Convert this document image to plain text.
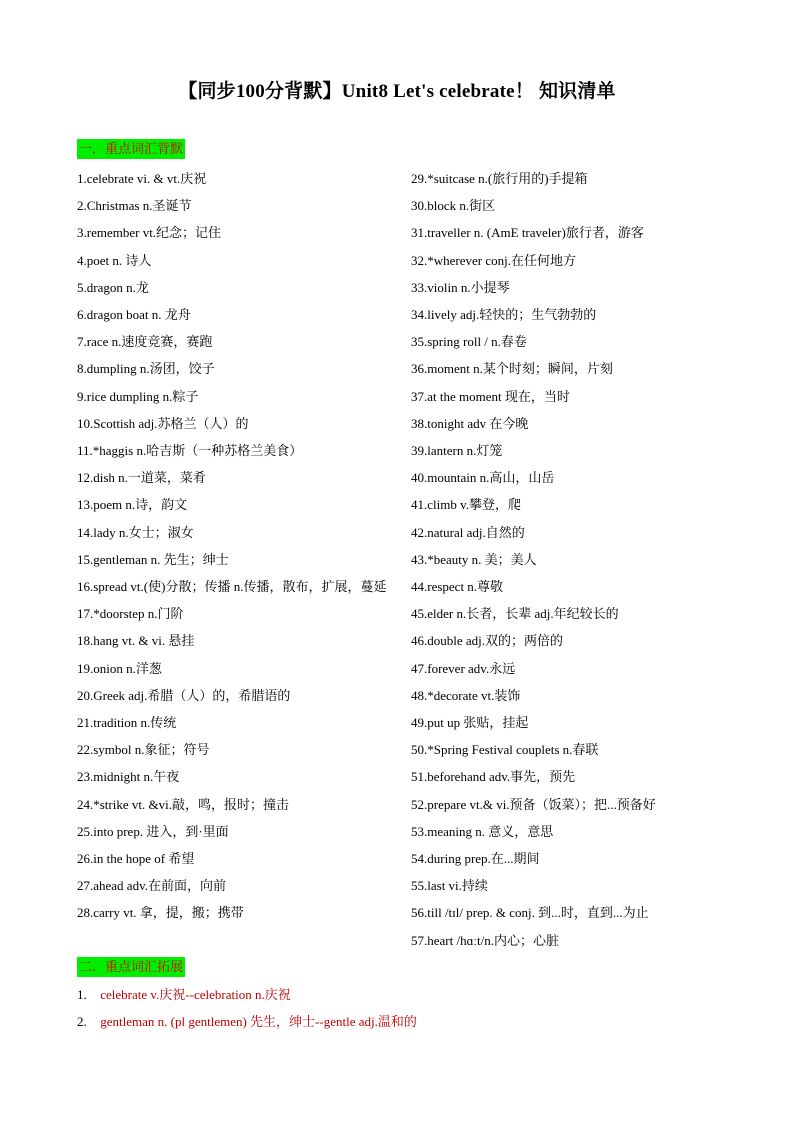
【同步100分背默】Unit8 Let's celebrate！ 知识清单
一．重点词汇背默
1.celebrate vi. & vt.庆祝
2.Christmas n.圣诞节
3.remember vt.纪念；记住
4.poet n. 诗人
5.dragon n.龙
6.dragon boat n. 龙舟
7.race n.速度竞赛，赛跑
8.dumpling n.汤团，饺子
9.rice dumpling n.粽子
10.Scottish adj.苏格兰（人）的
11.*haggis n.哈吉斯（一种苏格兰美食）
12.dish n.一道菜，菜肴
13.poem n.诗，韵文
14.lady n.女士；淑女
15.gentleman n. 先生；绅士
16.spread vt.(使)分散；传播 n.传播，散布，扩展，蔓延
17.*doorstep n.门阶
18.hang vt. & vi. 悬挂
19.onion n.洋葱
20.Greek adj.希腊（人）的，希腊语的
21.tradition n.传统
22.symbol n.象征；符号
23.midnight n.午夜
24.*strike vt. &vi.敲，鸣，报时；撞击
25.into prep. 进入，到·里面
26.in the hope of 希望
27.ahead adv.在前面，向前
28.carry vt. 拿，提，搬；携带
29.*suitcase n.(旅行用的)手提箱
30.block n.街区
31.traveller n. (AmE traveler)旅行者，游客
32.*wherever conj.在任何地方
33.violin n.小提琴
34.lively adj.轻快的；生气勃勃的
35.spring roll / n.春卷
36.moment n.某个时刻；瞬间，片刻
37.at the moment 现在，当时
38.tonight adv 在今晚
39.lantern n.灯笼
40.mountain n.高山，山岳
41.climb v.攀登，爬
42.natural adj.自然的
43.*beauty n. 美；美人
44.respect n.尊敬
45.elder n.长者，长辈 adj.年纪较长的
46.double adj.双的；两倍的
47.forever adv.永远
48.*decorate vt.装饰
49.put up 张贴，挂起
50.*Spring Festival couplets n.春联
51.beforehand adv.事先，预先
52.prepare vt.& vi.预备（饭菜）；把...预备好
53.meaning n. 意义，意思
54.during prep.在...期间
55.last vi.持续
56.till /tɪl/ prep. & conj. 到...时，直到...为止
57.heart /hɑːt/n.内心；心脏
二．重点词汇拓展
1. celebrate v.庆祝--celebration n.庆祝
2. gentleman n. (pl gentlemen) 先生，绅士--gentle adj.温和的
